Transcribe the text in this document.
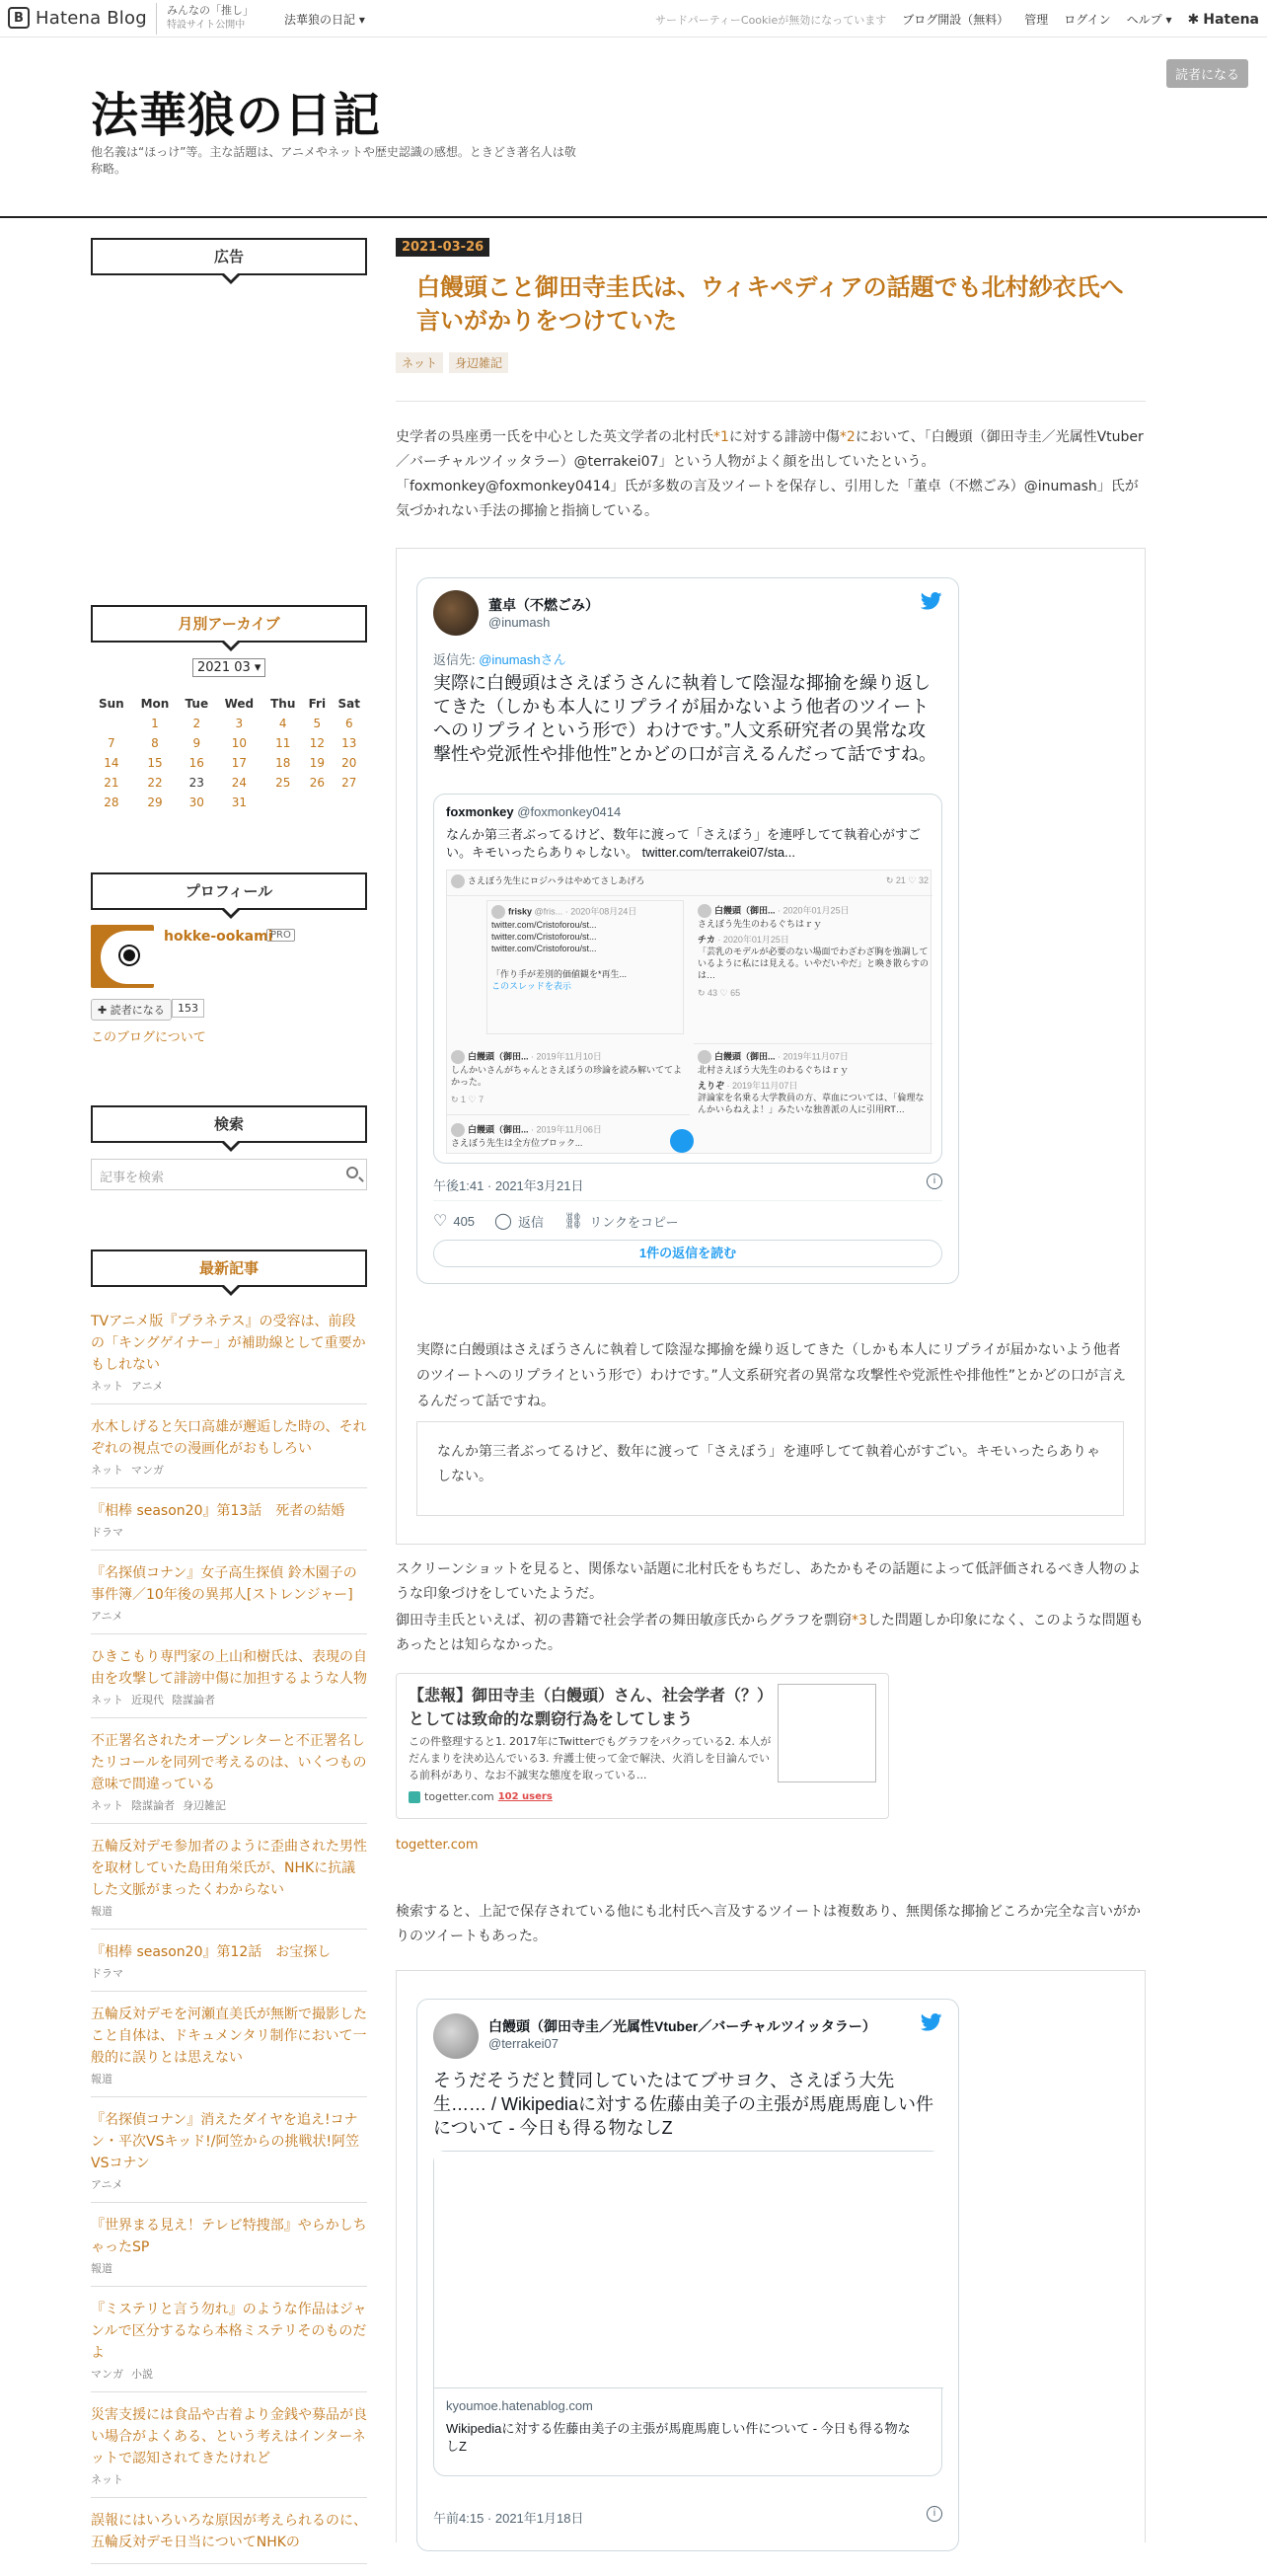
B Hatena Blog みんなの「推し」
特設サイト公開中	法華狼の日記 ▾	サードパーティーCookieが無効になっています ブログ開設（無料） 管理 ログイン ヘルプ ▾ ✱ Hatena
法華狼の日記
他名義は“ほっけ”等。主な話題は、アニメやネットや歴史認識の感想。ときどき著名人は敬称略。
読者になる
広告
月別アーカイブ
2021 03 ▾
Sun	Mon	Tue	Wed	Thu	Fri	Sat
	1	2	3	4	5	6
7	8	9	10	11	12	13
14	15	16	17	18	19	20
21	22	23	24	25	26	27
28	29	30	31			
プロフィール
hokke-ookami
PRO
✚ 読者になる	153
このブログについて
検索
記事を検索
最新記事
TVアニメ版『プラネテス』の受容は、前段の「キングゲイナー」が補助線として重要かもしれない
ネット アニメ
水木しげると矢口高雄が邂逅した時の、それぞれの視点での漫画化がおもしろい
ネット マンガ
『相棒 season20』第13話　死者の結婚
ドラマ
『名探偵コナン』女子高生探偵 鈴木園子の事件簿／10年後の異邦人[ストレンジャー]
アニメ
ひきこもり専門家の上山和樹氏は、表現の自由を攻撃して誹謗中傷に加担するような人物
ネット 近現代 陰謀論者
不正署名されたオープンレターと不正署名したリコールを同列で考えるのは、いくつもの意味で間違っている
ネット 陰謀論者 身辺雑記
五輪反対デモ参加者のように歪曲された男性を取材していた島田角栄氏が、NHKに抗議した文脈がまったくわからない
報道
『相棒 season20』第12話　お宝探し
ドラマ
五輪反対デモを河瀬直美氏が無断で撮影したこと自体は、ドキュメンタリ制作において一般的に誤りとは思えない
報道
『名探偵コナン』消えたダイヤを追え!コナン・平次VSキッド!/阿笠からの挑戦状!阿笠VSコナン
アニメ
『世界まる見え！テレビ特捜部』やらかしちゃったSP
報道
『ミステリと言う勿れ』のような作品はジャンルで区分するなら本格ミステリそのものだよ
マンガ 小説
災害支援には食品や古着より金銭や募品が良い場合がよくある、という考えはインターネットで認知されてきたけれど
ネット
誤報にはいろいろな原因が考えられるのに、五輪反対デモ日当についてNHKの
2021-03-26
白饅頭こと御田寺圭氏は、ウィキペディアの話題でも北村紗衣氏へ言いがかりをつけていた
ネット	身辺雑記
史学者の呉座勇一氏を中心とした英文学者の北村氏*1に対する誹謗中傷*2において、「白饅頭（御田寺圭／光属性Vtuber／バーチャルツイッタラー）@terrakei07」という人物がよく顔を出していたという。「foxmonkey@foxmonkey0414」氏が多数の言及ツイートを保存し、引用した「董卓（不燃ごみ）@inumash」氏が気づかれない手法の揶揄と指摘している。
董卓（不燃ごみ）
@inumash
返信先: @inumashさん
実際に白饅頭はさえぼうさんに執着して陰湿な揶揄を繰り返してきた（しかも本人にリプライが届かないよう他者のツイートへのリプライという形で）わけです。”人文系研究者の異常な攻撃性や党派性や排他性”とかどの口が言えるんだって話ですね。
foxmonkey @foxmonkey0414
なんか第三者ぶってるけど、数年に渡って「さえぼう」を連呼してて執着心がすごい。キモいったらありゃしない。 twitter.com/terrakei07/sta...
さえぼう先生にロジハラはやめてさしあげろ	↻ 21 ♡ 32
frisky @fris... · 2020年08月24日
twitter.com/Cristoforou/st...
twitter.com/Cristoforou/st...
twitter.com/Cristoforou/st...
「作り手が差別的価値観を*再生...
このスレッドを表示
白饅頭（御田... · 2020年01月25日
さえぼう先生のわるぐちはｒｙ
チカ · 2020年01月25日
「芸乳のモデルが必要のない場面でわざわざ胸を強調しているように私には見える。いやだいやだ」と喚き散らすのは…
↻ 43 ♡ 65
白饅頭（御田... · 2019年11月10日
しんかいさんがちゃんとさえぼうの珍論を読み解いててよかった。
↻ 1 ♡ 7
白饅頭（御田... · 2019年11月07日
北村さえぼう大先生のわるぐちはｒｙ
えりぞ · 2019年11月07日
評論家を名乗る大学教員の方、草血については、「倫理なんかいらねえよ！」みたいな独善派の人に引用RT…
白饅頭（御田... · 2019年11月06日
さえぼう先生は全方位ブロック...
午後1:41 · 2021年3月21日	i
♡ 405 ◯ 返信 ⛓ リンクをコピー
1件の返信を読む
実際に白饅頭はさえぼうさんに執着して陰湿な揶揄を繰り返してきた（しかも本人にリプライが届かないよう他者のツイートへのリプライという形で）わけです。”人文系研究者の異常な攻撃性や党派性や排他性”とかどの口が言えるんだって話ですね。
なんか第三者ぶってるけど、数年に渡って「さえぼう」を連呼してて執着心がすごい。キモいったらありゃしない。
スクリーンショットを見ると、関係ない話題に北村氏をもちだし、あたかもその話題によって低評価されるべき人物のような印象づけをしていたようだ。
御田寺圭氏といえば、初の書籍で社会学者の舞田敏彦氏からグラフを剽窃*3した問題しか印象になく、このような問題もあったとは知らなかった。
【悲報】御田寺圭（白饅頭）さん、社会学者（？）としては致命的な剽窃行為をしてしまう
この件整理すると1. 2017年にTwitterでもグラフをパクっている2. 本人がだんまりを決め込んでいる3. 弁護士使って金で解決、火消しを目論んでいる前科があり、なお不誠実な態度を取っている...
togetter.com 102 users
togetter.com
検索すると、上記で保存されている他にも北村氏へ言及するツイートは複数あり、無関係な揶揄どころか完全な言いがかりのツイートもあった。
白饅頭（御田寺圭／光属性Vtuber／バーチャルツイッタラー）
@terrakei07
そうだそうだと賛同していたはてブサヨク、さえぼう大先生…… / Wikipediaに対する佐藤由美子の主張が馬鹿馬鹿しい件について - 今日も得る物なしZ
kyoumoe.hatenablog.com
Wikipediaに対する佐藤由美子の主張が馬鹿馬鹿しい件について - 今日も得る物なしZ
午前4:15 · 2021年1月18日	i
